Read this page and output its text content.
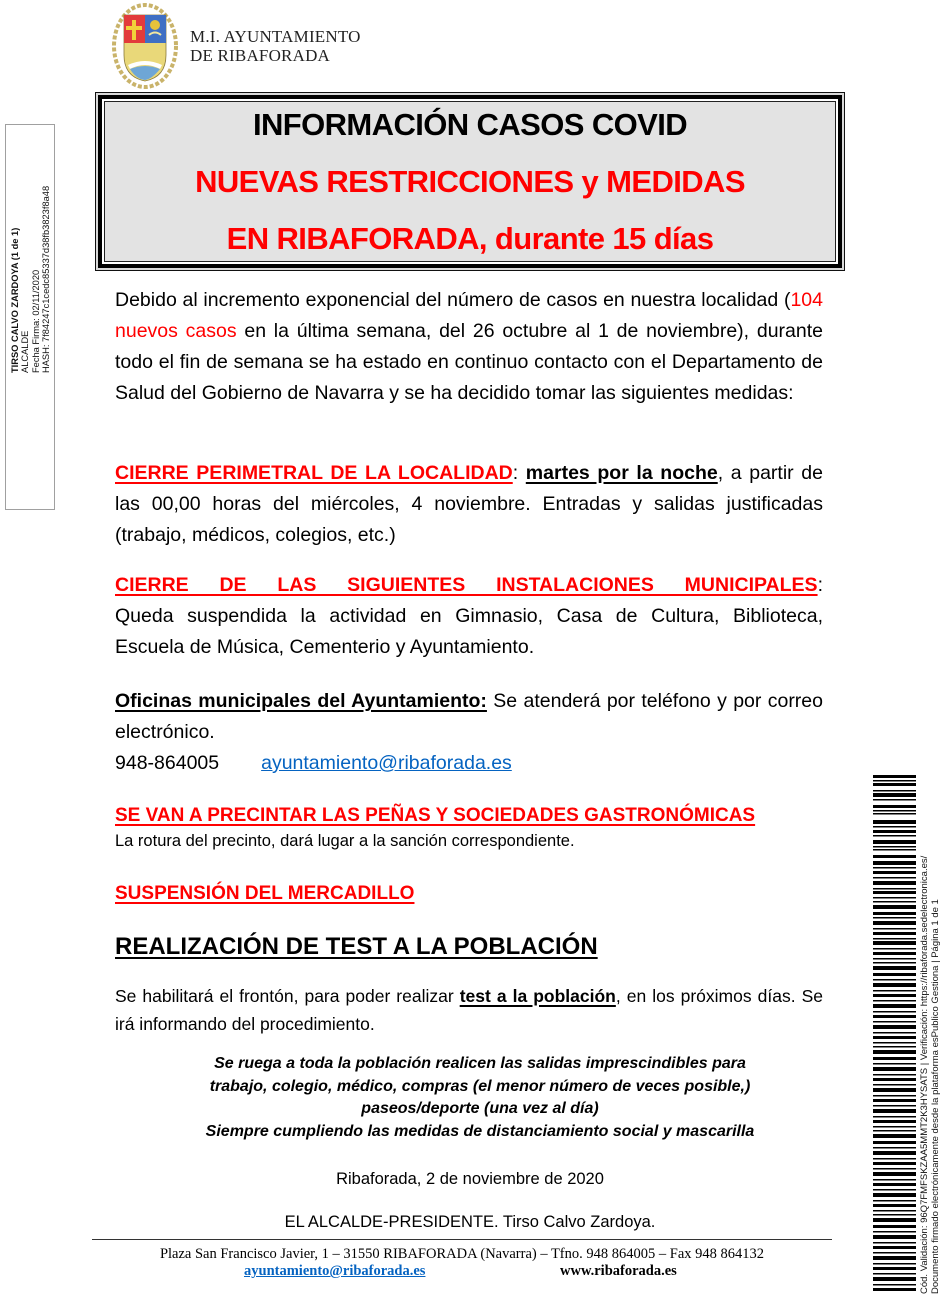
M.I. AYUNTAMIENTO
DE RIBAFORADA
INFORMACIÓN CASOS COVID
NUEVAS RESTRICCIONES y MEDIDAS
EN RIBAFORADA, durante 15 días
Debido al incremento exponencial del número de casos en nuestra localidad (104 nuevos casos en la última semana, del 26 octubre al 1 de noviembre), durante todo el fin de semana se ha estado en continuo contacto con el Departamento de Salud del Gobierno de Navarra y se ha decidido tomar las siguientes medidas:
CIERRE PERIMETRAL DE LA LOCALIDAD: martes por la noche, a partir de las 00,00 horas del miércoles, 4 noviembre. Entradas y salidas justificadas (trabajo, médicos, colegios, etc.)
CIERRE DE LAS SIGUIENTES INSTALACIONES MUNICIPALES:
Queda suspendida la actividad en Gimnasio, Casa de Cultura, Biblioteca, Escuela de Música, Cementerio y Ayuntamiento.
Oficinas municipales del Ayuntamiento: Se atenderá por teléfono y por correo electrónico.
948-864005 ayuntamiento@ribaforada.es
SE VAN A PRECINTAR LAS PEÑAS Y SOCIEDADES GASTRONÓMICAS
La rotura del precinto, dará lugar a la sanción correspondiente.
SUSPENSIÓN DEL MERCADILLO
REALIZACIÓN DE TEST A LA POBLACIÓN
Se habilitará el frontón, para poder realizar test a la población, en los próximos días. Se irá informando del procedimiento.
Se ruega a toda la población realicen las salidas imprescindibles para
trabajo, colegio, médico, compras (el menor número de veces posible,)
paseos/deporte (una vez al día)
Siempre cumpliendo las medidas de distanciamiento social y mascarilla
Ribaforada, 2 de noviembre de 2020
EL ALCALDE-PRESIDENTE. Tirso Calvo Zardoya.
Plaza San Francisco Javier, 1 – 31550 RIBAFORADA (Navarra) – Tfno. 948 864005 – Fax 948 864132
ayuntamiento@ribaforada.es	www.ribaforada.es
TIRSO CALVO ZARDOYA (1 de 1) ALCALDE Fecha Firma: 02/11/2020 HASH: 7f84247c1cedc85337d38fb3823f8a48
Cód. Validación: 96Q7FMFSKZAA5MMT2K3HYSATS | Verificación: https://ribaforada.sedelectronica.es/ Documento firmado electrónicamente desde la plataforma esPublico Gestiona | Página 1 de 1
